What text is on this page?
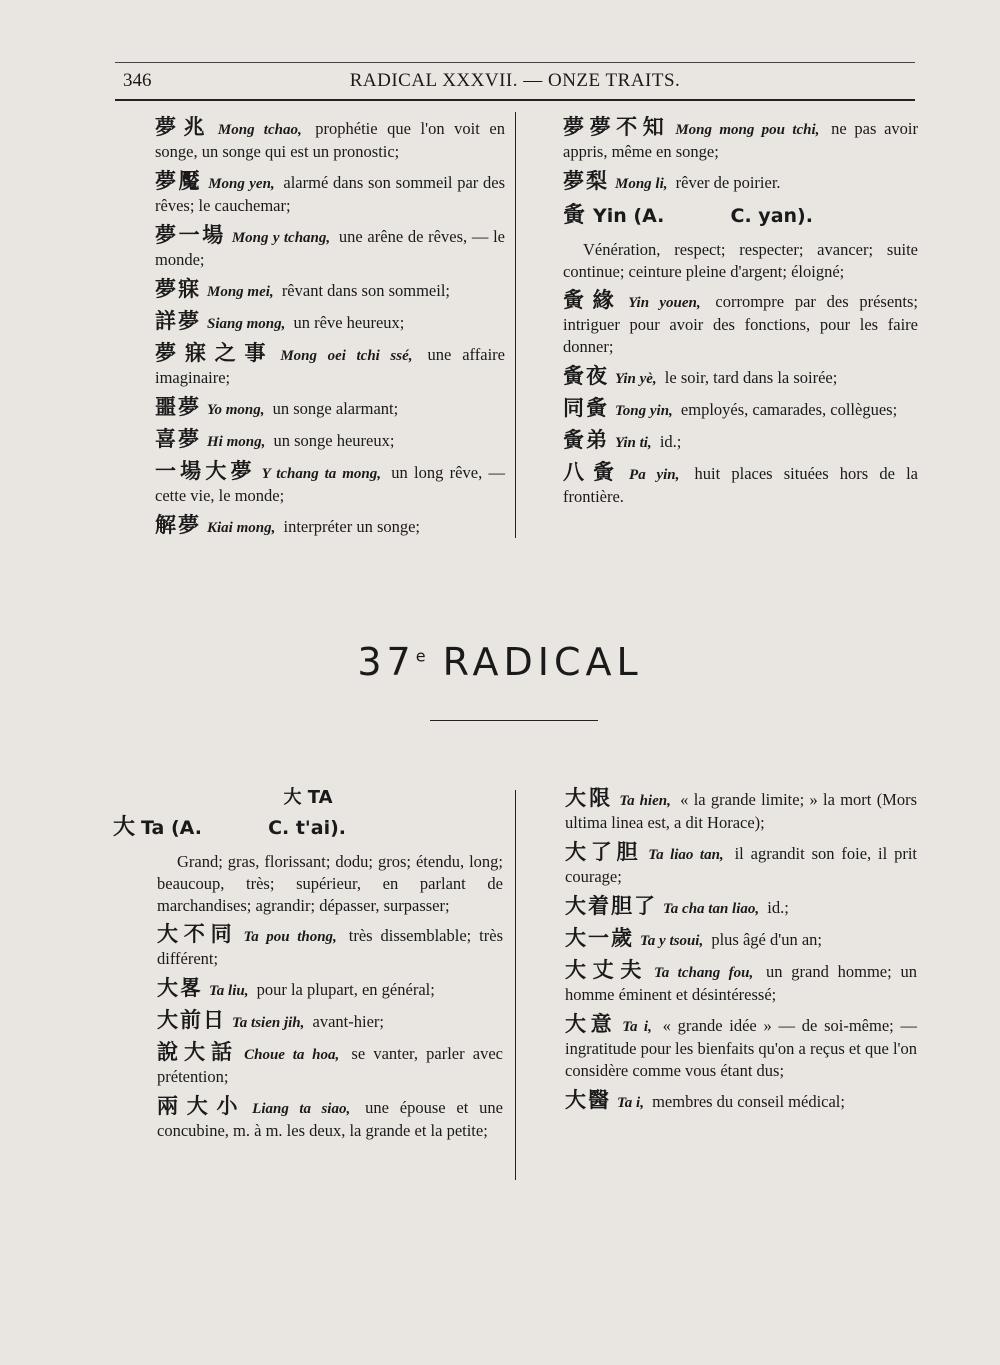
346	RADICAL XXXVII. — ONZE TRAITS.
夢兆 Mong tchao, prophétie que l'on voit en songe, un songe qui est un pronostic;
夢魘 Mong yen, alarmé dans son sommeil par des rêves; le cauchemar;
夢一場 Mong y tchang, une arêne de rêves, — le monde;
夢寐 Mong mei, rêvant dans son sommeil;
詳夢 Siang mong, un rêve heureux;
夢寐之事 Mong oei tchi ssé, une affaire imaginaire;
噩夢 Yo mong, un songe alarmant;
喜夢 Hi mong, un songe heureux;
一場大夢 Y tchang ta mong, un long rêve, — cette vie, le monde;
解夢 Kiai mong, interpréter un songe;
夢夢不知 Mong mong pou tchi, ne pas avoir appris, même en songe;
夢梨 Mong li, rêver de poirier.
夤 Yin (A.          C. yan).
Vénération, respect; respecter; avancer; suite continue; ceinture pleine d'argent; éloigné;
夤緣 Yin youen, corrompre par des présents; intriguer pour avoir des fonctions, pour les faire donner;
夤夜 Yin yè, le soir, tard dans la soirée;
同夤 Tong yin, employés, camarades, collègues;
夤弟 Yin ti, id.;
八夤 Pa yin, huit places situées hors de la frontière.
37e RADICAL
大 TA
大 Ta (A.          C. t'ai).
Grand; gras, florissant; dodu; gros; étendu, long; beaucoup, très; supérieur, en parlant de marchandises; agrandir; dépasser, surpasser;
大不同 Ta pou thong, très dissemblable; très différent;
大畧 Ta liu, pour la plupart, en général;
大前日 Ta tsien jih, avant-hier;
說大話 Choue ta hoa, se vanter, parler avec prétention;
兩大小 Liang ta siao, une épouse et une concubine, m. à m. les deux, la grande et la petite;
大限 Ta hien, « la grande limite; » la mort (Mors ultima linea est, a dit Horace);
大了胆 Ta liao tan, il agrandit son foie, il prit courage;
大着胆了 Ta cha tan liao, id.;
大一歲 Ta y tsoui, plus âgé d'un an;
大丈夫 Ta tchang fou, un grand homme; un homme éminent et désintéressé;
大意 Ta i, « grande idée » — de soi-même; — ingratitude pour les bienfaits qu'on a reçus et que l'on considère comme vous étant dus;
大醫 Ta i, membres du conseil médical;
